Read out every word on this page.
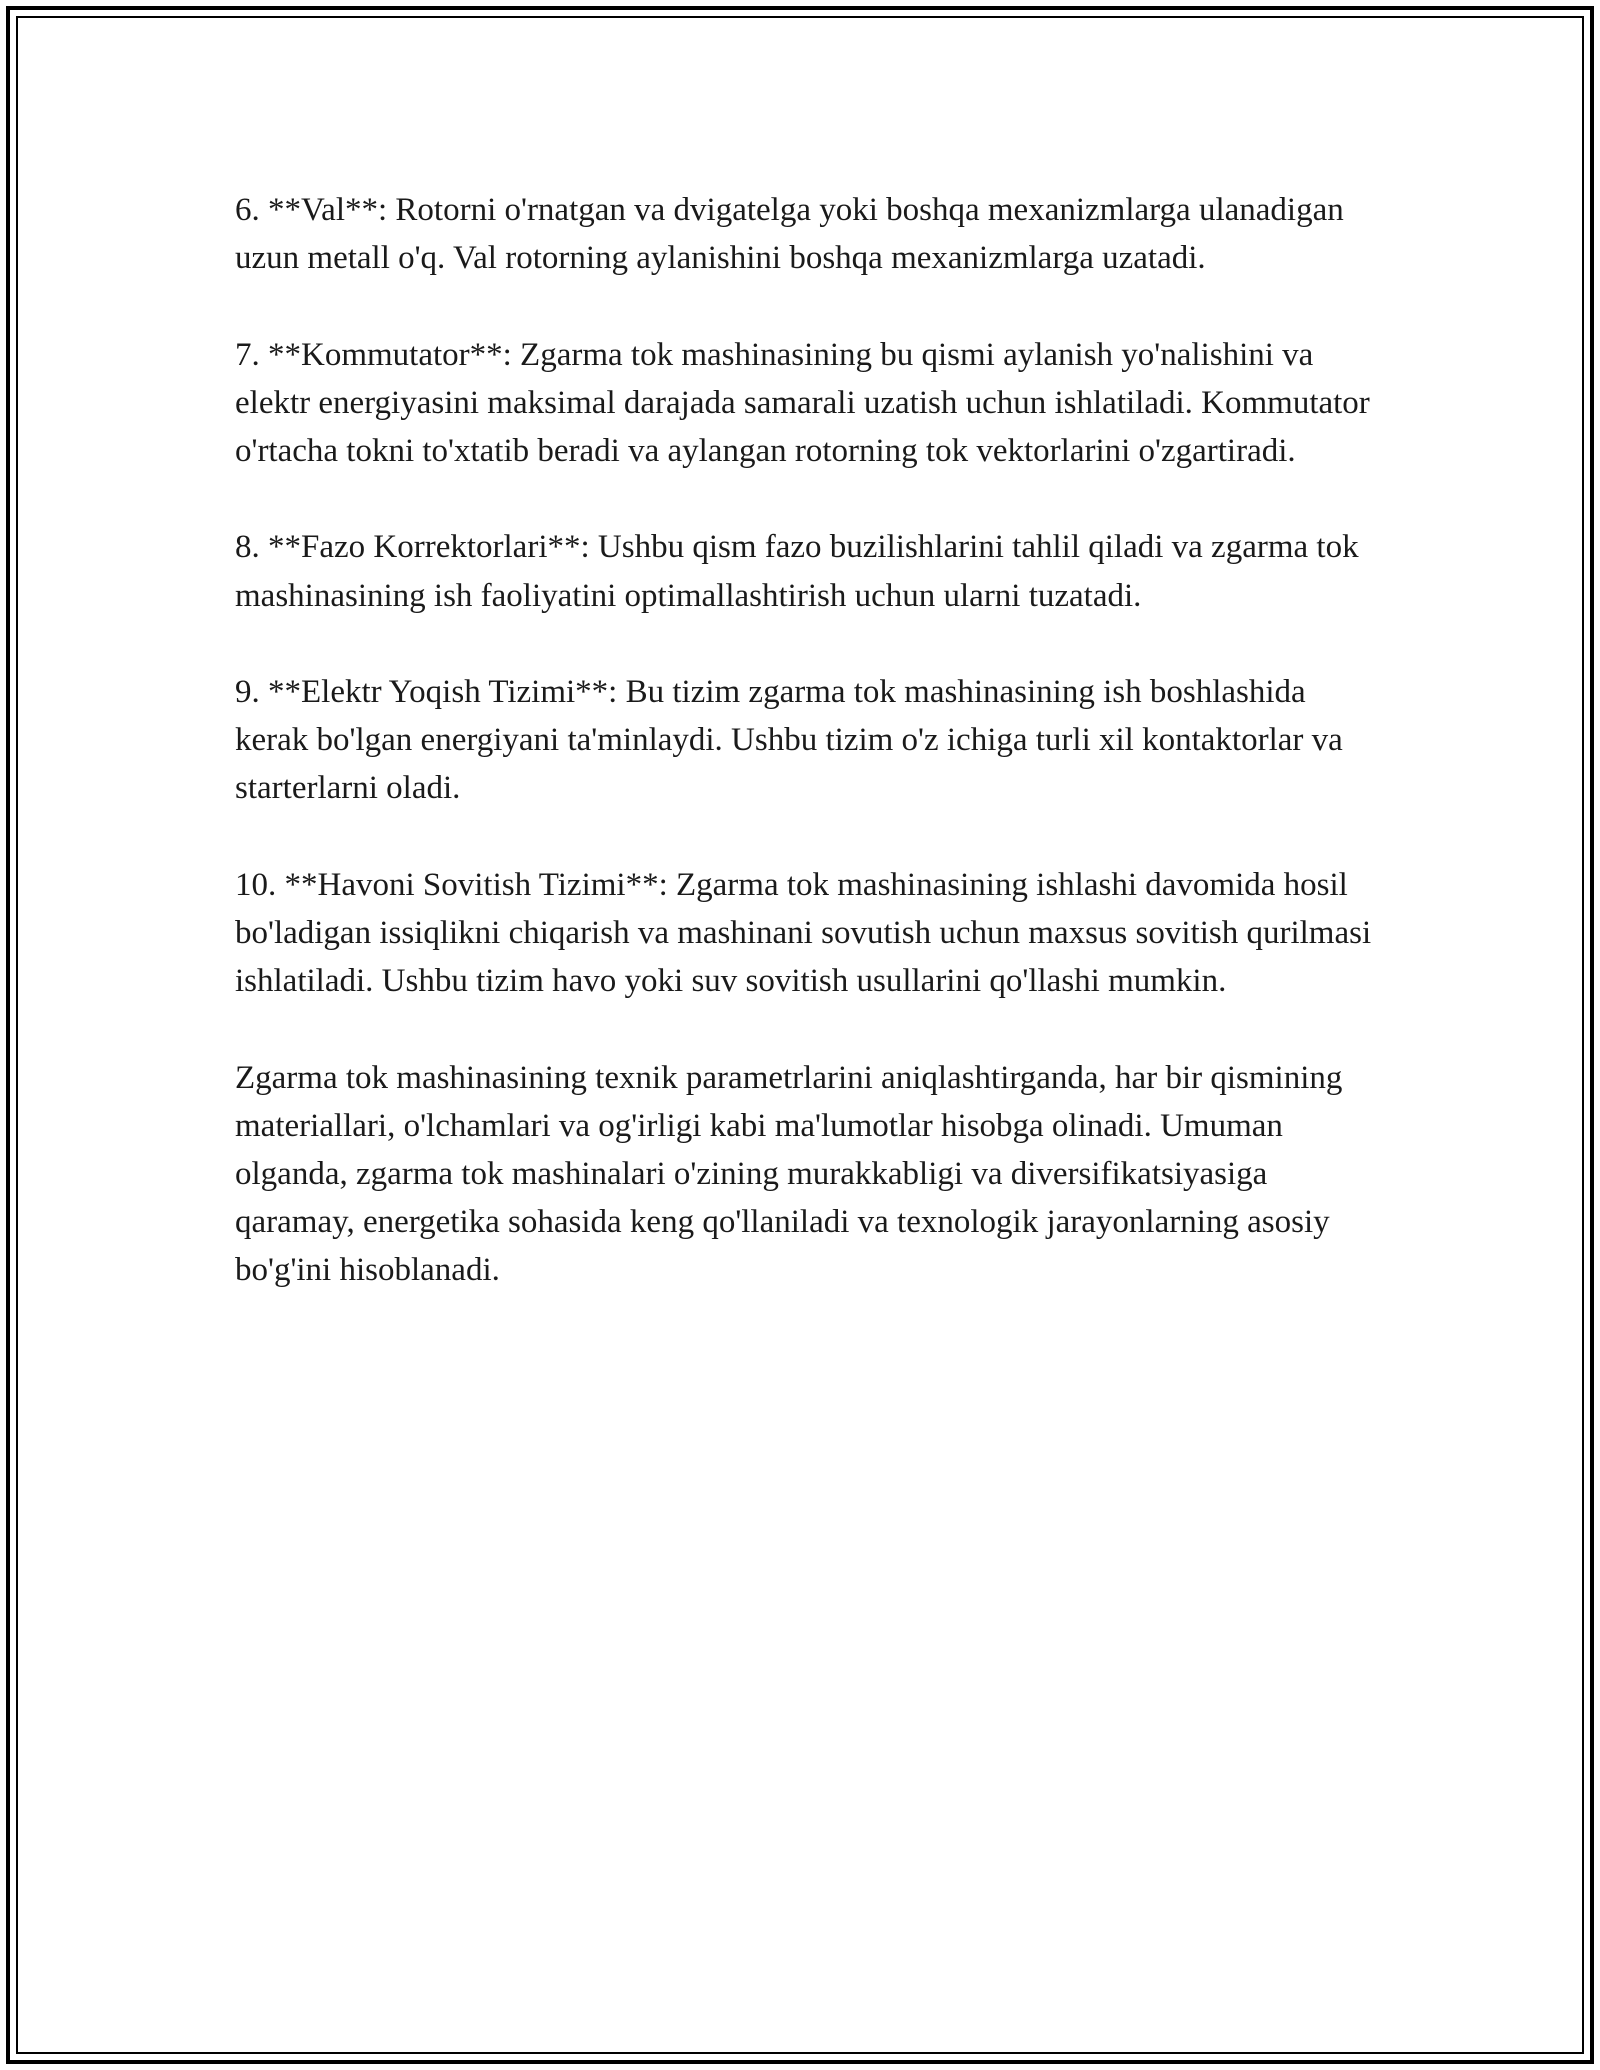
6. **Val**: Rotorni o'rnatgan va dvigatelga yoki boshqa mexanizmlarga ulanadigan uzun metall o'q. Val rotorning aylanishini boshqa mexanizmlarga uzatadi.

7. **Kommutator**: Zgarma tok mashinasining bu qismi aylanish yo'nalishini va elektr energiyasini maksimal darajada samarali uzatish uchun ishlatiladi. Kommutator o'rtacha tokni to'xtatib beradi va aylangan rotorning tok vektorlarini o'zgartiradi.

8. **Fazo Korrektorlari**: Ushbu qism fazo buzilishlarini tahlil qiladi va zgarma tok mashinasining ish faoliyatini optimallashtirish uchun ularni tuzatadi.

9. **Elektr Yoqish Tizimi**: Bu tizim zgarma tok mashinasining ish boshlashida kerak bo'lgan energiyani ta'minlaydi. Ushbu tizim o'z ichiga turli xil kontaktorlar va starterlarni oladi.

10. **Havoni Sovitish Tizimi**: Zgarma tok mashinasining ishlashi davomida hosil bo'ladigan issiqlikni chiqarish va mashinani sovutish uchun maxsus sovitish qurilmasi ishlatiladi. Ushbu tizim havo yoki suv sovitish usullarini qo'llashi mumkin.

Zgarma tok mashinasining texnik parametrlarini aniqlashtirganda, har bir qismining materiallari, o'lchamlari va og'irligi kabi ma'lumotlar hisobga olinadi. Umuman olganda, zgarma tok mashinalari o'zining murakkabligi va diversifikatsiyasiga qaramay, energetika sohasida keng qo'llaniladi va texnologik jarayonlarning asosiy bo'g'ini hisoblanadi.
